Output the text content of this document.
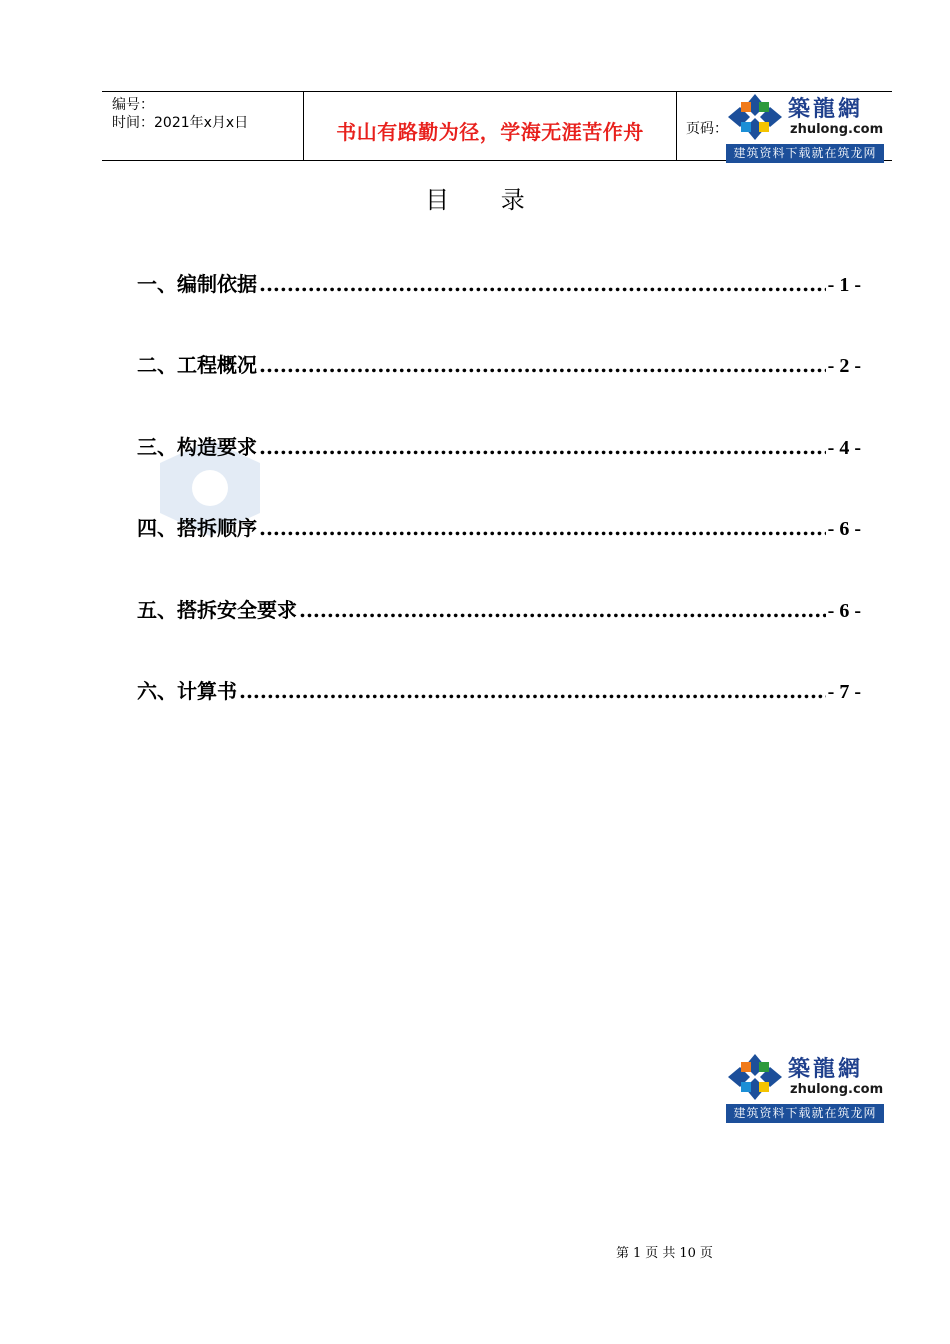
编号：
时间：2021年x月x日	书山有路勤为径，学海无涯苦作舟	页码：
築龍網
zhulong.com
建筑资料下载就在筑龙网
目 录
一、编制依据 .....	- 1 -
二、工程概况 .....	- 2 -
三、构造要求 .....	- 4 -
四、搭拆顺序 .....	- 6 -
五、搭拆安全要求 .....	- 6 -
六、计算书 .....	- 7 -
築龍網
zhulong.com
建筑资料下载就在筑龙网
第 1 页 共 10 页
